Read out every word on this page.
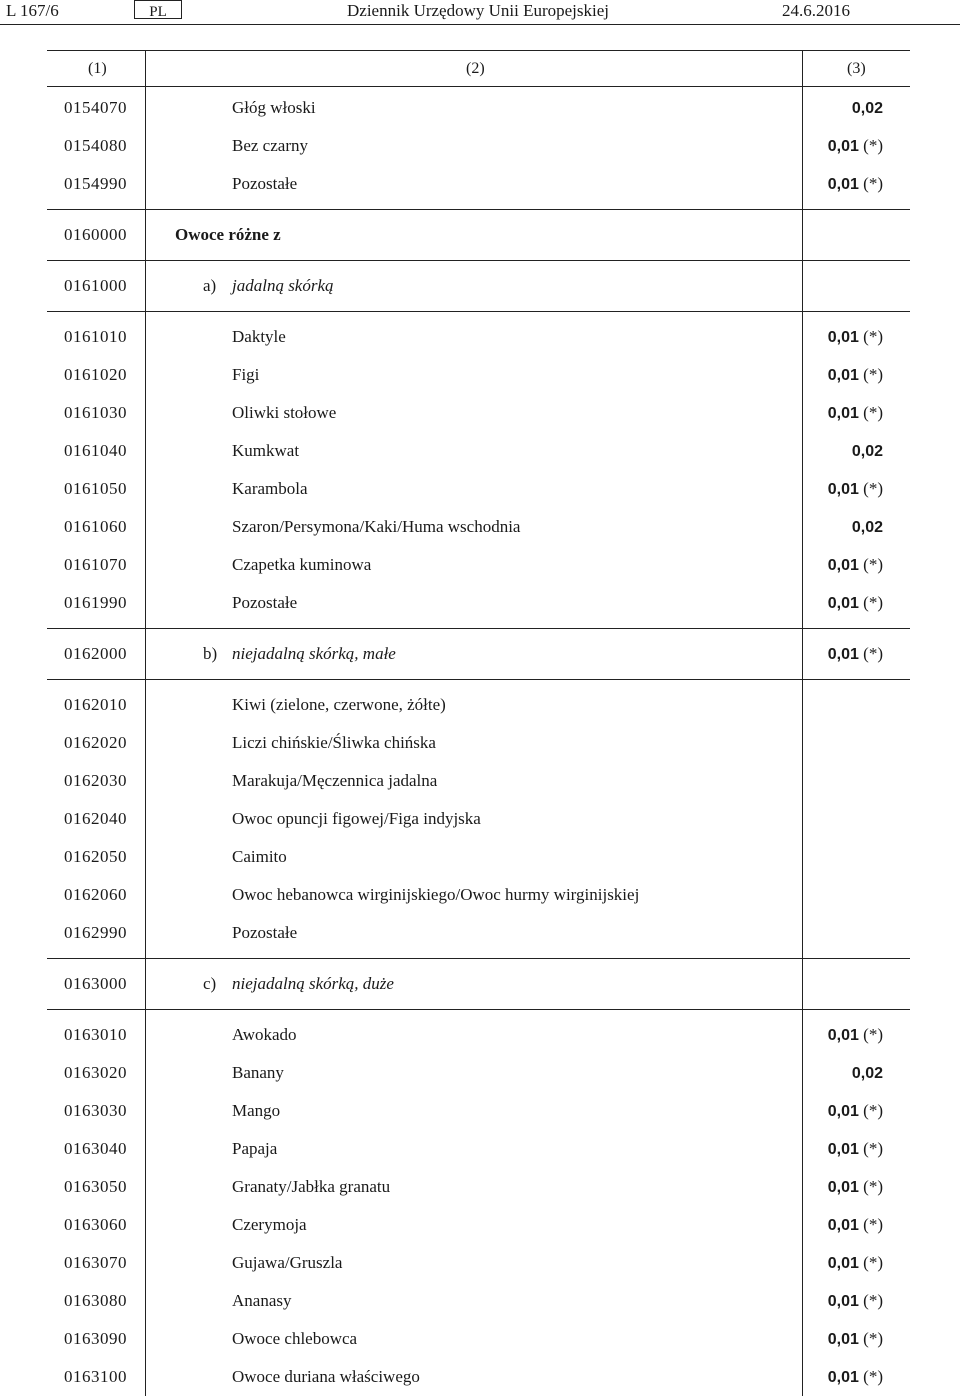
L 167/6	PL	Dziennik Urzędowy Unii Europejskiej	24.6.2016
(1)	(2)	(3)
0154070	Głóg włoski	0,02
0154080	Bez czarny	0,01 (*)
0154990	Pozostałe	0,01 (*)
0160000	Owoce różne z
0161000	a) jadalną skórką
0161010	Daktyle	0,01 (*)
0161020	Figi	0,01 (*)
0161030	Oliwki stołowe	0,01 (*)
0161040	Kumkwat	0,02
0161050	Karambola	0,01 (*)
0161060	Szaron/Persymona/Kaki/Huma wschodnia	0,02
0161070	Czapetka kuminowa	0,01 (*)
0161990	Pozostałe	0,01 (*)
0162000	b) niejadalną skórką, małe	0,01 (*)
0162010	Kiwi (zielone, czerwone, żółte)
0162020	Liczi chińskie/Śliwka chińska
0162030	Marakuja/Męczennica jadalna
0162040	Owoc opuncji figowej/Figa indyjska
0162050	Caimito
0162060	Owoc hebanowca wirginijskiego/Owoc hurmy wirginijskiej
0162990	Pozostałe
0163000	c) niejadalną skórką, duże
0163010	Awokado	0,01 (*)
0163020	Banany	0,02
0163030	Mango	0,01 (*)
0163040	Papaja	0,01 (*)
0163050	Granaty/Jabłka granatu	0,01 (*)
0163060	Czerymoja	0,01 (*)
0163070	Gujawa/Gruszla	0,01 (*)
0163080	Ananasy	0,01 (*)
0163090	Owoce chlebowca	0,01 (*)
0163100	Owoce duriana właściwego	0,01 (*)
